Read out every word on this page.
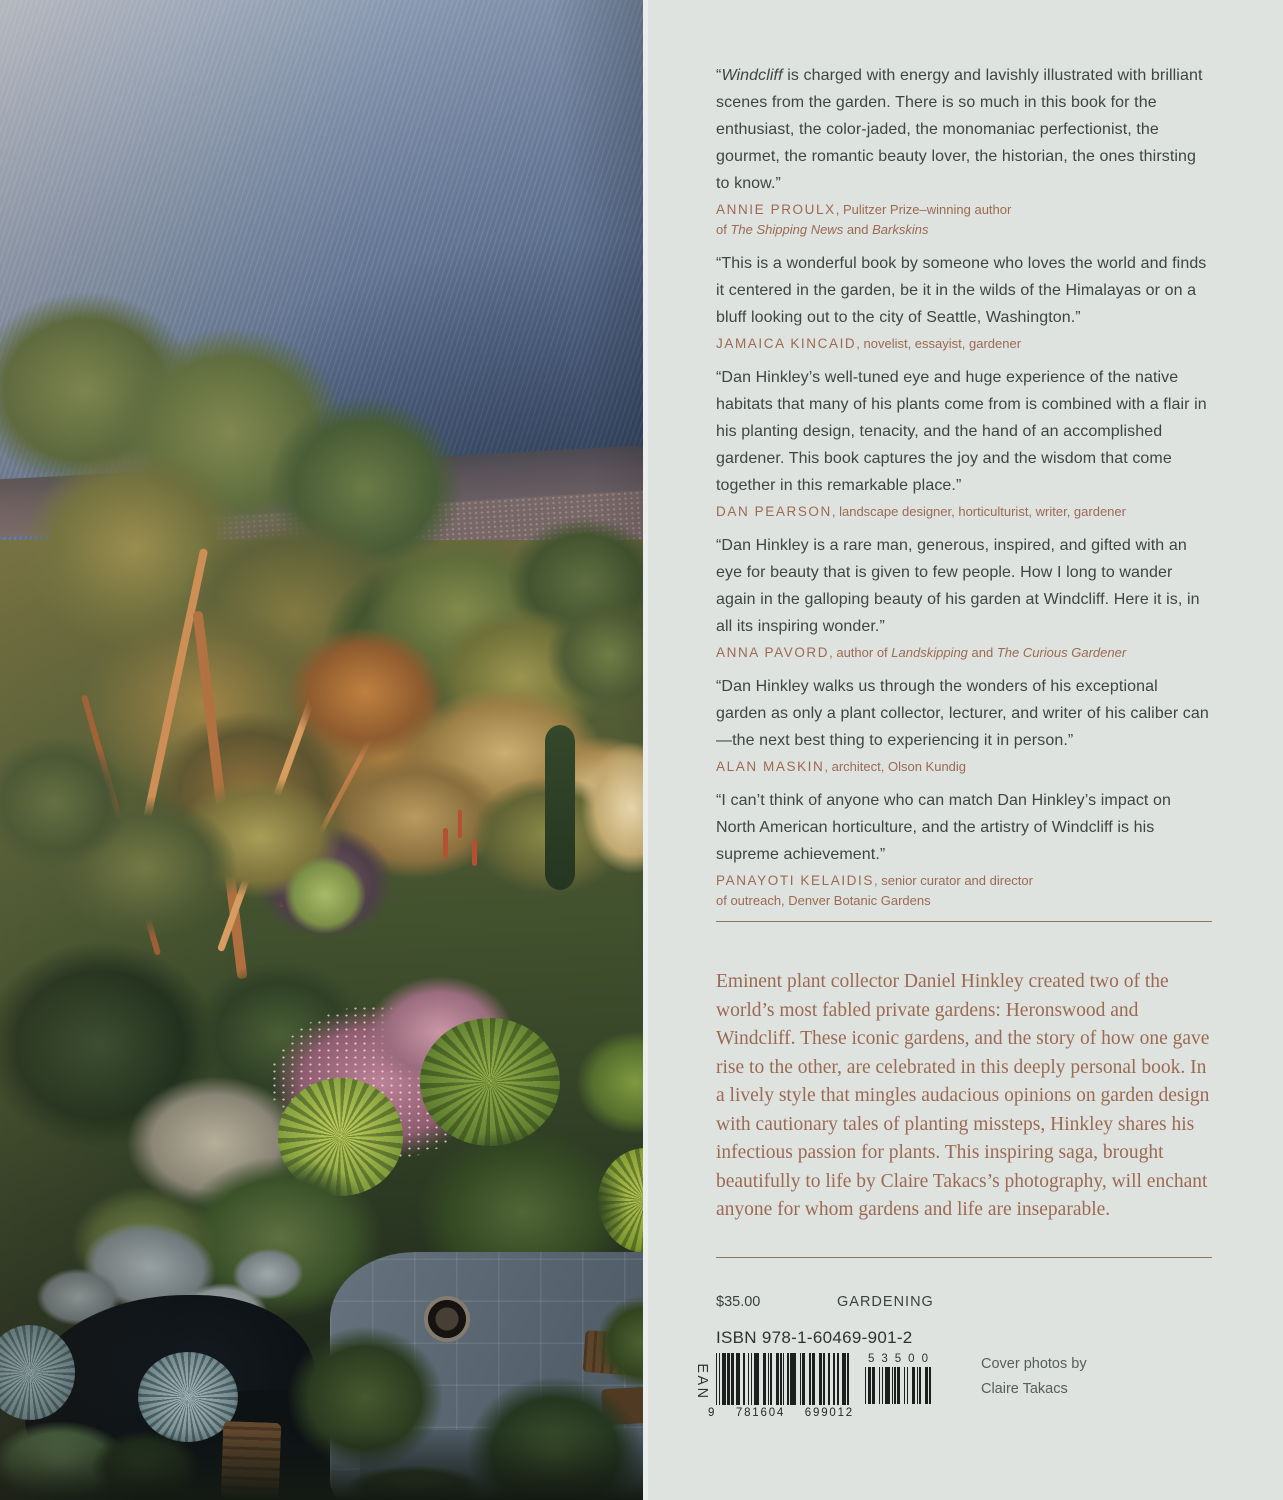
“Windcliff is charged with energy and lavishly illustrated with brilliant scenes from the garden. There is so much in this book for the enthusiast, the color-jaded, the monomaniac perfectionist, the gourmet, the romantic beauty lover, the historian, the ones thirsting to know.”
ANNIE PROULX, Pulitzer Prize–winning author
of The Shipping News and Barkskins
“This is a wonderful book by someone who loves the world and finds it centered in the garden, be it in the wilds of the Himalayas or on a bluff looking out to the city of Seattle, Washington.”
JAMAICA KINCAID, novelist, essayist, gardener
“Dan Hinkley’s well-tuned eye and huge experience of the native habitats that many of his plants come from is combined with a flair in his planting design, tenacity, and the hand of an accomplished gardener. This book captures the joy and the wisdom that come together in this remarkable place.”
DAN PEARSON, landscape designer, horticulturist, writer, gardener
“Dan Hinkley is a rare man, generous, inspired, and gifted with an eye for beauty that is given to few people. How I long to wander again in the galloping beauty of his garden at Windcliff. Here it is, in all its inspiring wonder.”
ANNA PAVORD, author of Landskipping and The Curious Gardener
“Dan Hinkley walks us through the wonders of his exceptional garden as only a plant collector, lecturer, and writer of his caliber can—the next best thing to experiencing it in person.”
ALAN MASKIN, architect, Olson Kundig
“I can’t think of anyone who can match Dan Hinkley’s impact on North American horticulture, and the artistry of Windcliff is his supreme achievement.”
PANAYOTI KELAIDIS, senior curator and director
of outreach, Denver Botanic Gardens

Eminent plant collector Daniel Hinkley created two of the world’s most fabled private gardens: Heronswood and Windcliff. These iconic gardens, and the story of how one gave rise to the other, are celebrated in this deeply personal book. In a lively style that mingles audacious opinions on garden design with cautionary tales of planting missteps, Hinkley shares his infectious passion for plants. This inspiring saga, brought beautifully to life by Claire Takacs’s photography, will enchant anyone for whom gardens and life are inseparable.

$35.00	GARDENING
EAN
ISBN 978-1-60469-901-2
9 781604 699012
53500	Cover photos by
Claire Takacs
